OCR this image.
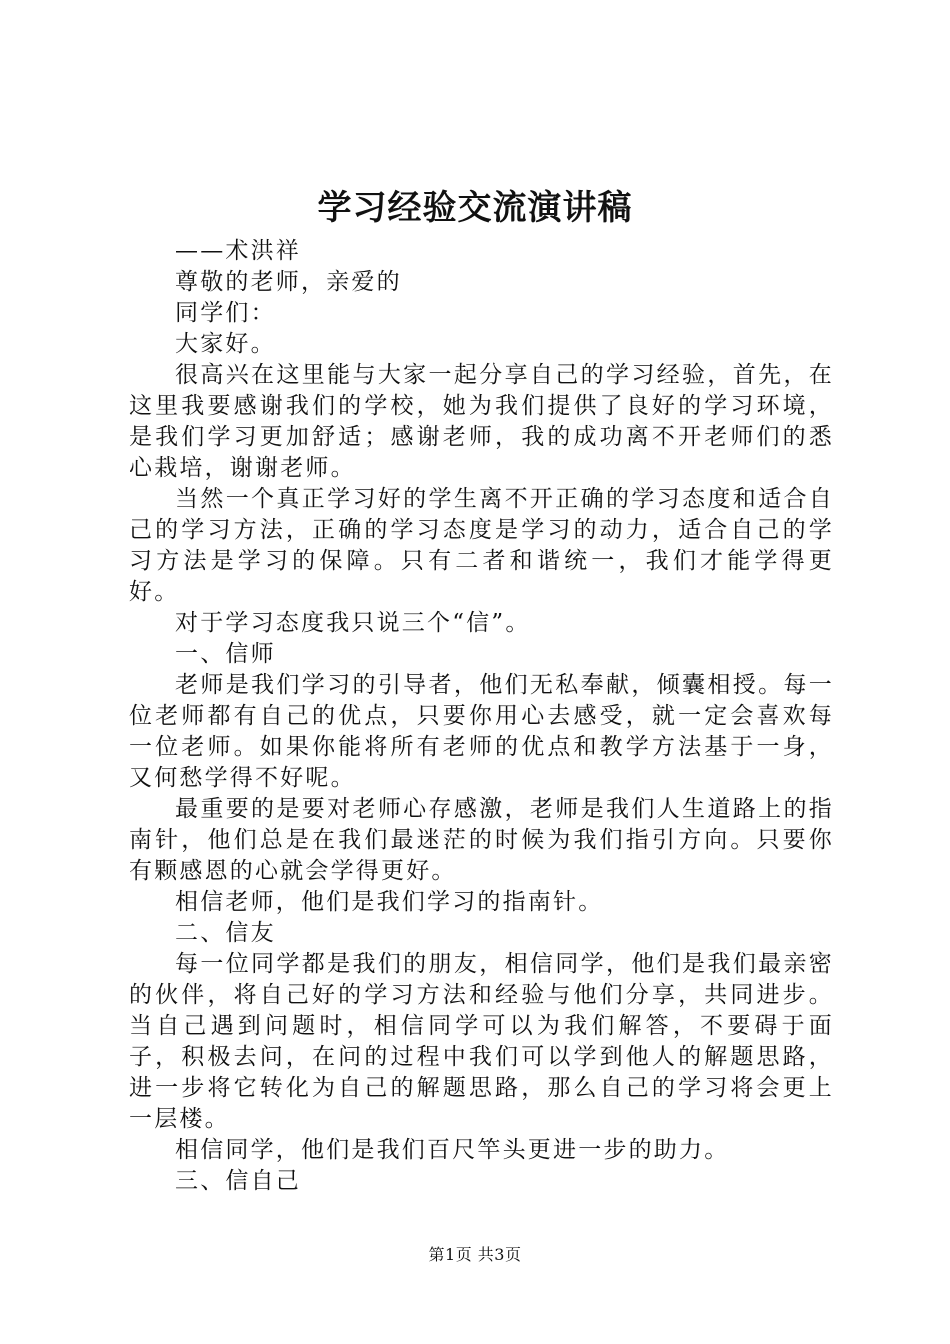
学习经验交流演讲稿

——术洪祥

尊敬的老师，亲爱的

同学们：

大家好。

很高兴在这里能与大家一起分享自己的学习经验，首先，在这里我要感谢我们的学校，她为我们提供了良好的学习环境，是我们学习更加舒适；感谢老师，我的成功离不开老师们的悉心栽培，谢谢老师。

当然一个真正学习好的学生离不开正确的学习态度和适合自己的学习方法，正确的学习态度是学习的动力，适合自己的学习方法是学习的保障。只有二者和谐统一，我们才能学得更好。

对于学习态度我只说三个“信”。

一、信师

老师是我们学习的引导者，他们无私奉献，倾囊相授。每一位老师都有自己的优点，只要你用心去感受，就一定会喜欢每一位老师。如果你能将所有老师的优点和教学方法基于一身，又何愁学得不好呢。

最重要的是要对老师心存感激，老师是我们人生道路上的指南针，他们总是在我们最迷茫的时候为我们指引方向。只要你有颗感恩的心就会学得更好。

相信老师，他们是我们学习的指南针。

二、信友

每一位同学都是我们的朋友，相信同学，他们是我们最亲密的伙伴，将自己好的学习方法和经验与他们分享，共同进步。当自己遇到问题时，相信同学可以为我们解答，不要碍于面子，积极去问，在问的过程中我们可以学到他人的解题思路，进一步将它转化为自己的解题思路，那么自己的学习将会更上一层楼。

相信同学，他们是我们百尺竿头更进一步的助力。

三、信自己

第1页 共3页
